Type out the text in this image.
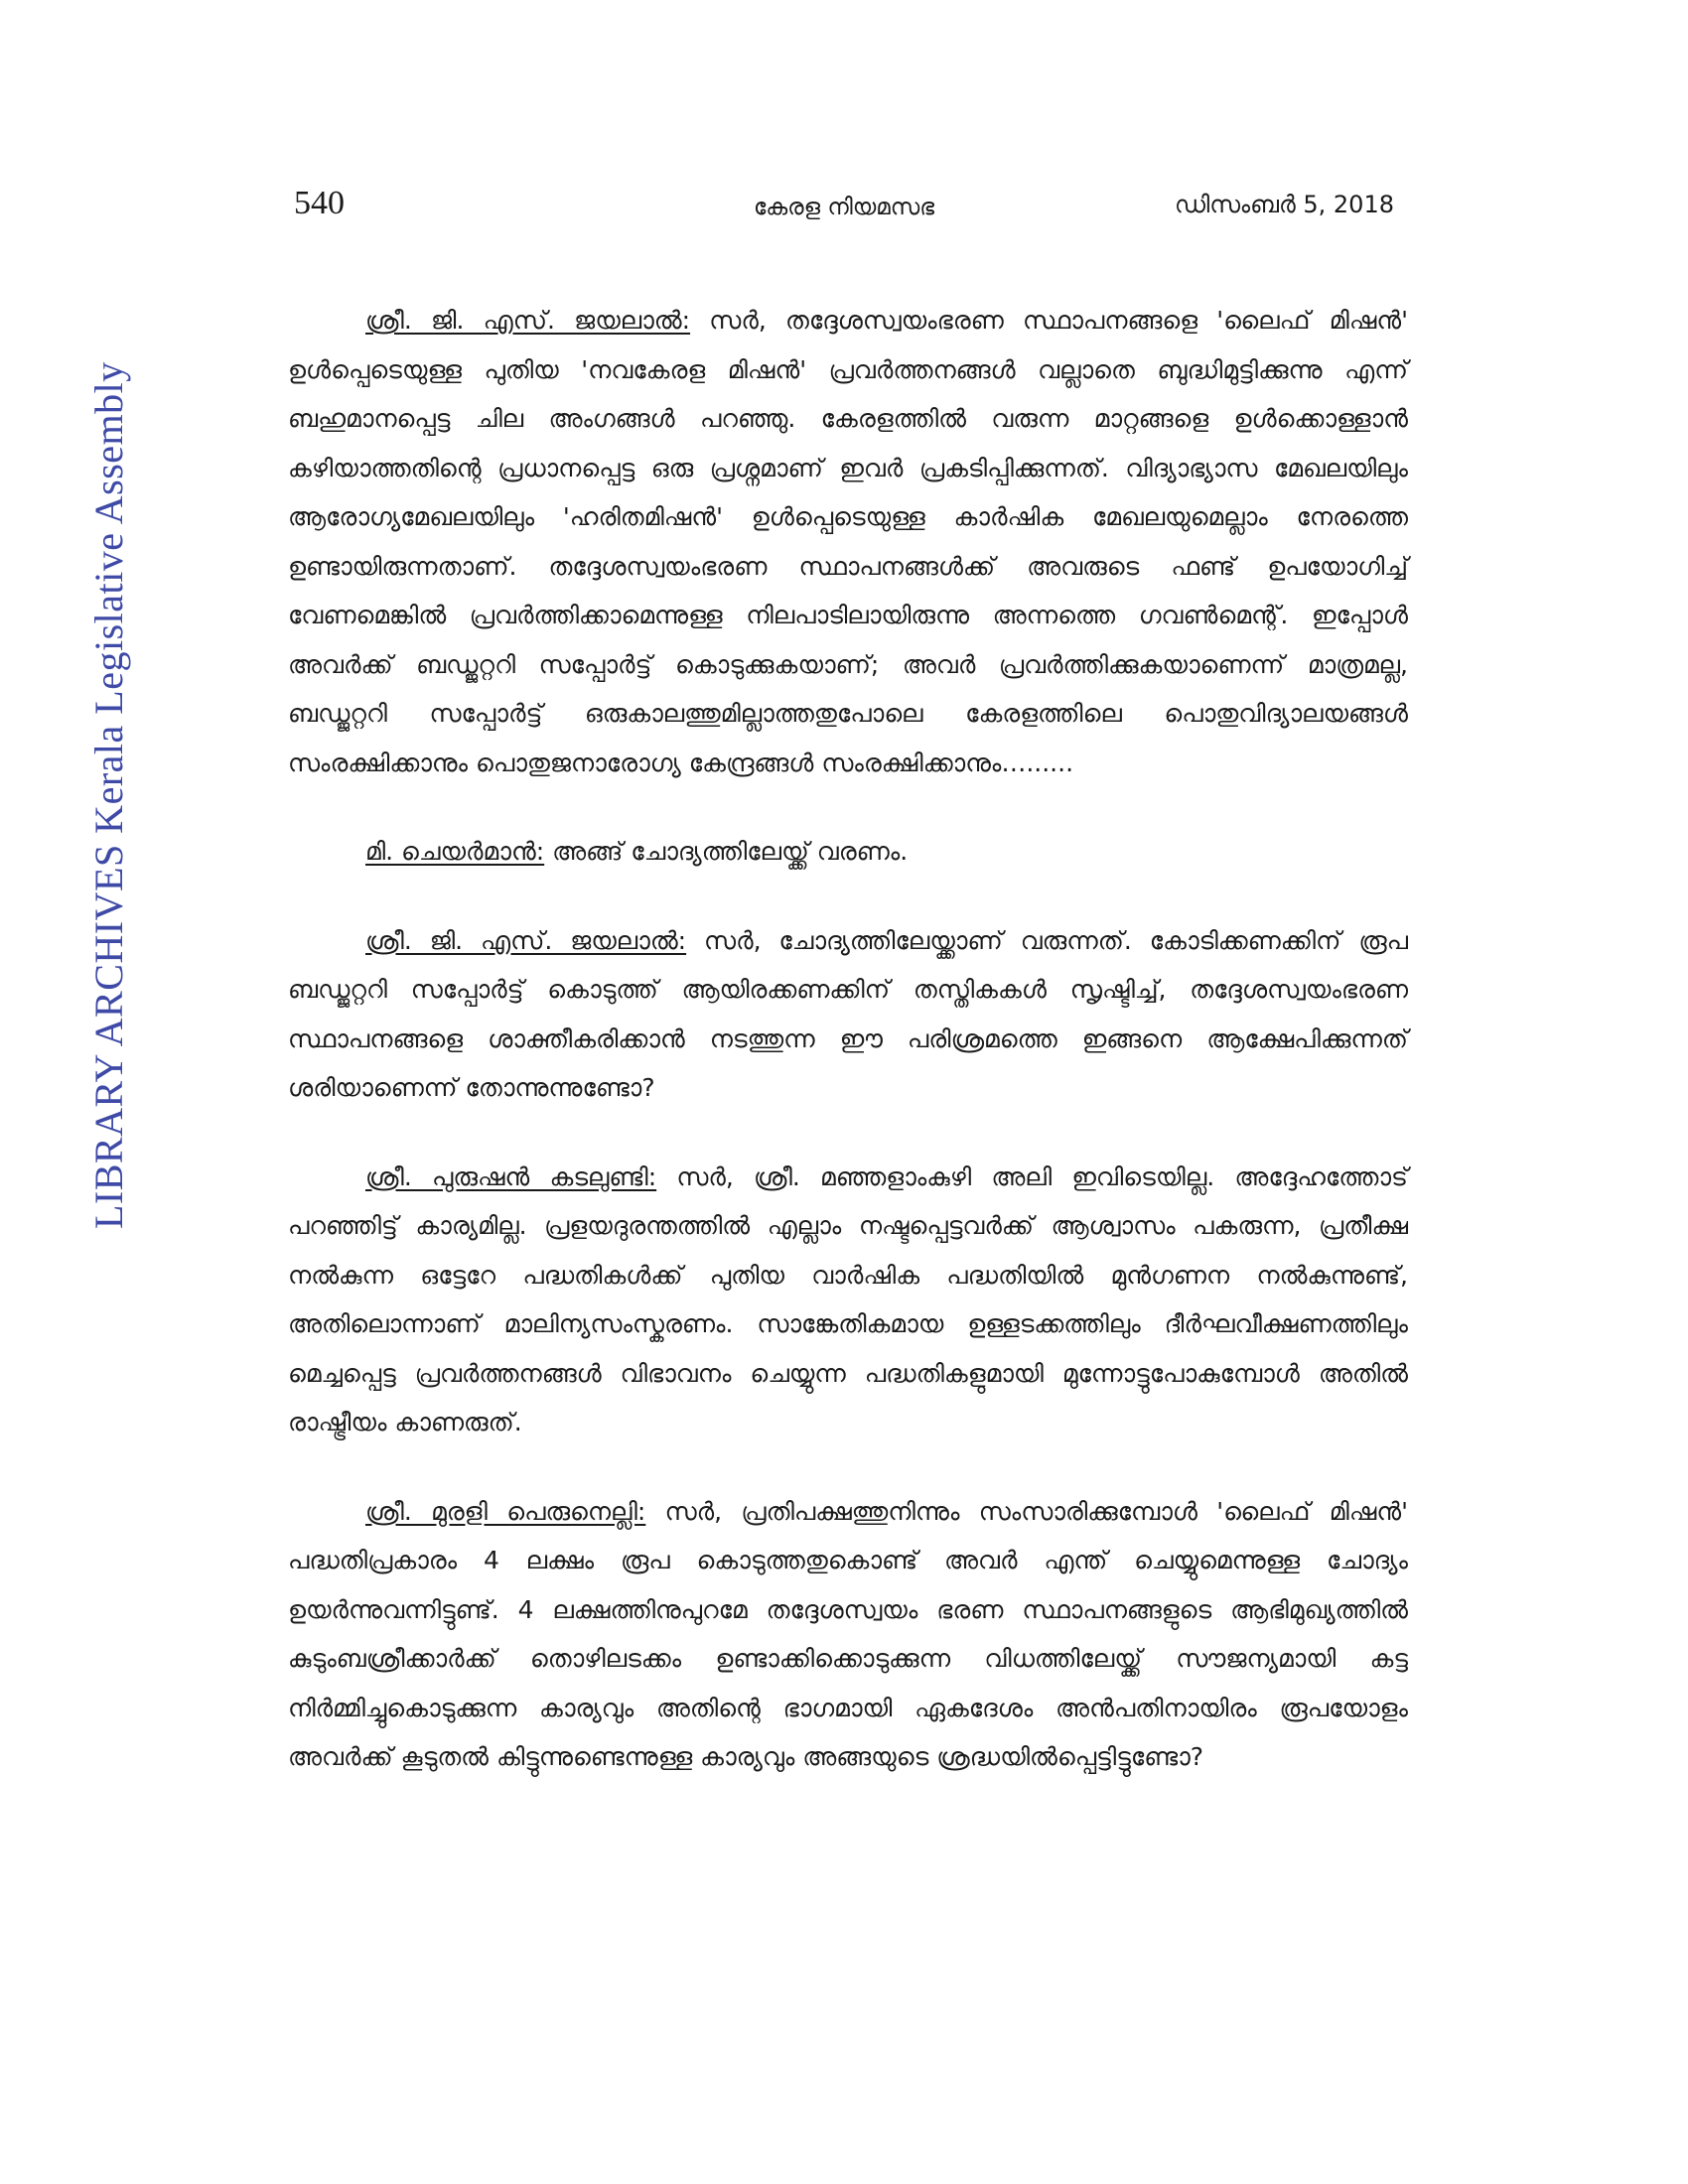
540	കേരള നിയമസഭ	ഡിസംബർ 5, 2018
LIBRARY ARCHIVES Kerala Legislative Assembly

ശ്രീ. ജി. എസ്. ജയലാൽ: സർ, തദ്ദേശസ്വയംഭരണ സ്ഥാപനങ്ങളെ 'ലൈഫ് മിഷൻ' ഉൾപ്പെടെയുള്ള പുതിയ 'നവകേരള മിഷൻ' പ്രവർത്തനങ്ങൾ വല്ലാതെ ബുദ്ധിമുട്ടിക്കുന്നു എന്ന് ബഹുമാനപ്പെട്ട ചില അംഗങ്ങൾ പറഞ്ഞു. കേരളത്തിൽ വരുന്ന മാറ്റങ്ങളെ ഉൾക്കൊള്ളാൻ കഴിയാത്തതിന്റെ പ്രധാനപ്പെട്ട ഒരു പ്രശ്നമാണ് ഇവർ പ്രകടിപ്പിക്കുന്നത്. വിദ്യാഭ്യാസ മേഖലയിലും ആരോഗ്യമേഖലയിലും 'ഹരിതമിഷൻ' ഉൾപ്പെടെയുള്ള കാർഷിക മേഖലയുമെല്ലാം നേരത്തെ ഉണ്ടായിരുന്നതാണ്. തദ്ദേശസ്വയംഭരണ സ്ഥാപനങ്ങൾക്ക് അവരുടെ ഫണ്ട് ഉപയോഗിച്ച് വേണമെങ്കിൽ പ്രവർത്തിക്കാമെന്നുള്ള നിലപാടിലായിരുന്നു അന്നത്തെ ഗവൺമെന്റ്. ഇപ്പോൾ അവർക്ക് ബഡ്ജറ്ററി സപ്പോർട്ട് കൊടുക്കുകയാണ്; അവർ പ്രവർത്തിക്കുകയാണെന്ന് മാത്രമല്ല, ബഡ്ജറ്ററി സപ്പോർട്ട് ഒരുകാലത്തുമില്ലാത്തതുപോലെ കേരളത്തിലെ പൊതുവിദ്യാലയങ്ങൾ സംരക്ഷിക്കാനും പൊതുജനാരോഗ്യ കേന്ദ്രങ്ങൾ സംരക്ഷിക്കാനും…......

മി. ചെയർമാൻ: അങ്ങ് ചോദ്യത്തിലേയ്ക്ക് വരണം.

ശ്രീ. ജി. എസ്. ജയലാൽ: സർ, ചോദ്യത്തിലേയ്ക്കാണ് വരുന്നത്. കോടിക്കണക്കിന് രൂപ ബഡ്ജറ്ററി സപ്പോർട്ട് കൊടുത്ത് ആയിരക്കണക്കിന് തസ്തികകൾ സൃഷ്ടിച്ച്, തദ്ദേശസ്വയംഭരണ സ്ഥാപനങ്ങളെ ശാക്തീകരിക്കാൻ നടത്തുന്ന ഈ പരിശ്രമത്തെ ഇങ്ങനെ ആക്ഷേപിക്കുന്നത് ശരിയാണെന്ന് തോന്നുന്നുണ്ടോ?

ശ്രീ. പുരുഷൻ കടലുണ്ടി: സർ, ശ്രീ. മഞ്ഞളാംകുഴി അലി ഇവിടെയില്ല. അദ്ദേഹത്തോട് പറഞ്ഞിട്ട് കാര്യമില്ല. പ്രളയദുരന്തത്തിൽ എല്ലാം നഷ്ടപ്പെട്ടവർക്ക് ആശ്വാസം പകരുന്ന, പ്രതീക്ഷ നൽകുന്ന ഒട്ടേറേ പദ്ധതികൾക്ക് പുതിയ വാർഷിക പദ്ധതിയിൽ മുൻഗണന നൽകുന്നുണ്ട്, അതിലൊന്നാണ് മാലിന്യസംസ്കരണം. സാങ്കേതികമായ ഉള്ളടക്കത്തിലും ദീർഘവീക്ഷണത്തിലും മെച്ചപ്പെട്ട പ്രവർത്തനങ്ങൾ വിഭാവനം ചെയ്യുന്ന പദ്ധതികളുമായി മുന്നോട്ടുപോകുമ്പോൾ അതിൽ രാഷ്ട്രീയം കാണരുത്.

ശ്രീ. മുരളി പെരുനെല്ലി: സർ, പ്രതിപക്ഷത്തുനിന്നും സംസാരിക്കുമ്പോൾ 'ലൈഫ് മിഷൻ' പദ്ധതിപ്രകാരം 4 ലക്ഷം രൂപ കൊടുത്തതുകൊണ്ട് അവർ എന്ത് ചെയ്യുമെന്നുള്ള ചോദ്യം ഉയർന്നുവന്നിട്ടുണ്ട്. 4 ലക്ഷത്തിനുപുറമേ തദ്ദേശസ്വയം ഭരണ സ്ഥാപനങ്ങളുടെ ആഭിമുഖ്യത്തിൽ കുടുംബശ്രീക്കാർക്ക് തൊഴിലടക്കം ഉണ്ടാക്കിക്കൊടുക്കുന്ന വിധത്തിലേയ്ക്ക് സൗജന്യമായി കട്ട നിർമ്മിച്ചുകൊടുക്കുന്ന കാര്യവും അതിന്റെ ഭാഗമായി ഏകദേശം അൻപതിനായിരം രൂപയോളം അവർക്ക് കൂടുതൽ കിട്ടുന്നുണ്ടെന്നുള്ള കാര്യവും അങ്ങയുടെ ശ്രദ്ധയിൽപ്പെട്ടിട്ടുണ്ടോ?
